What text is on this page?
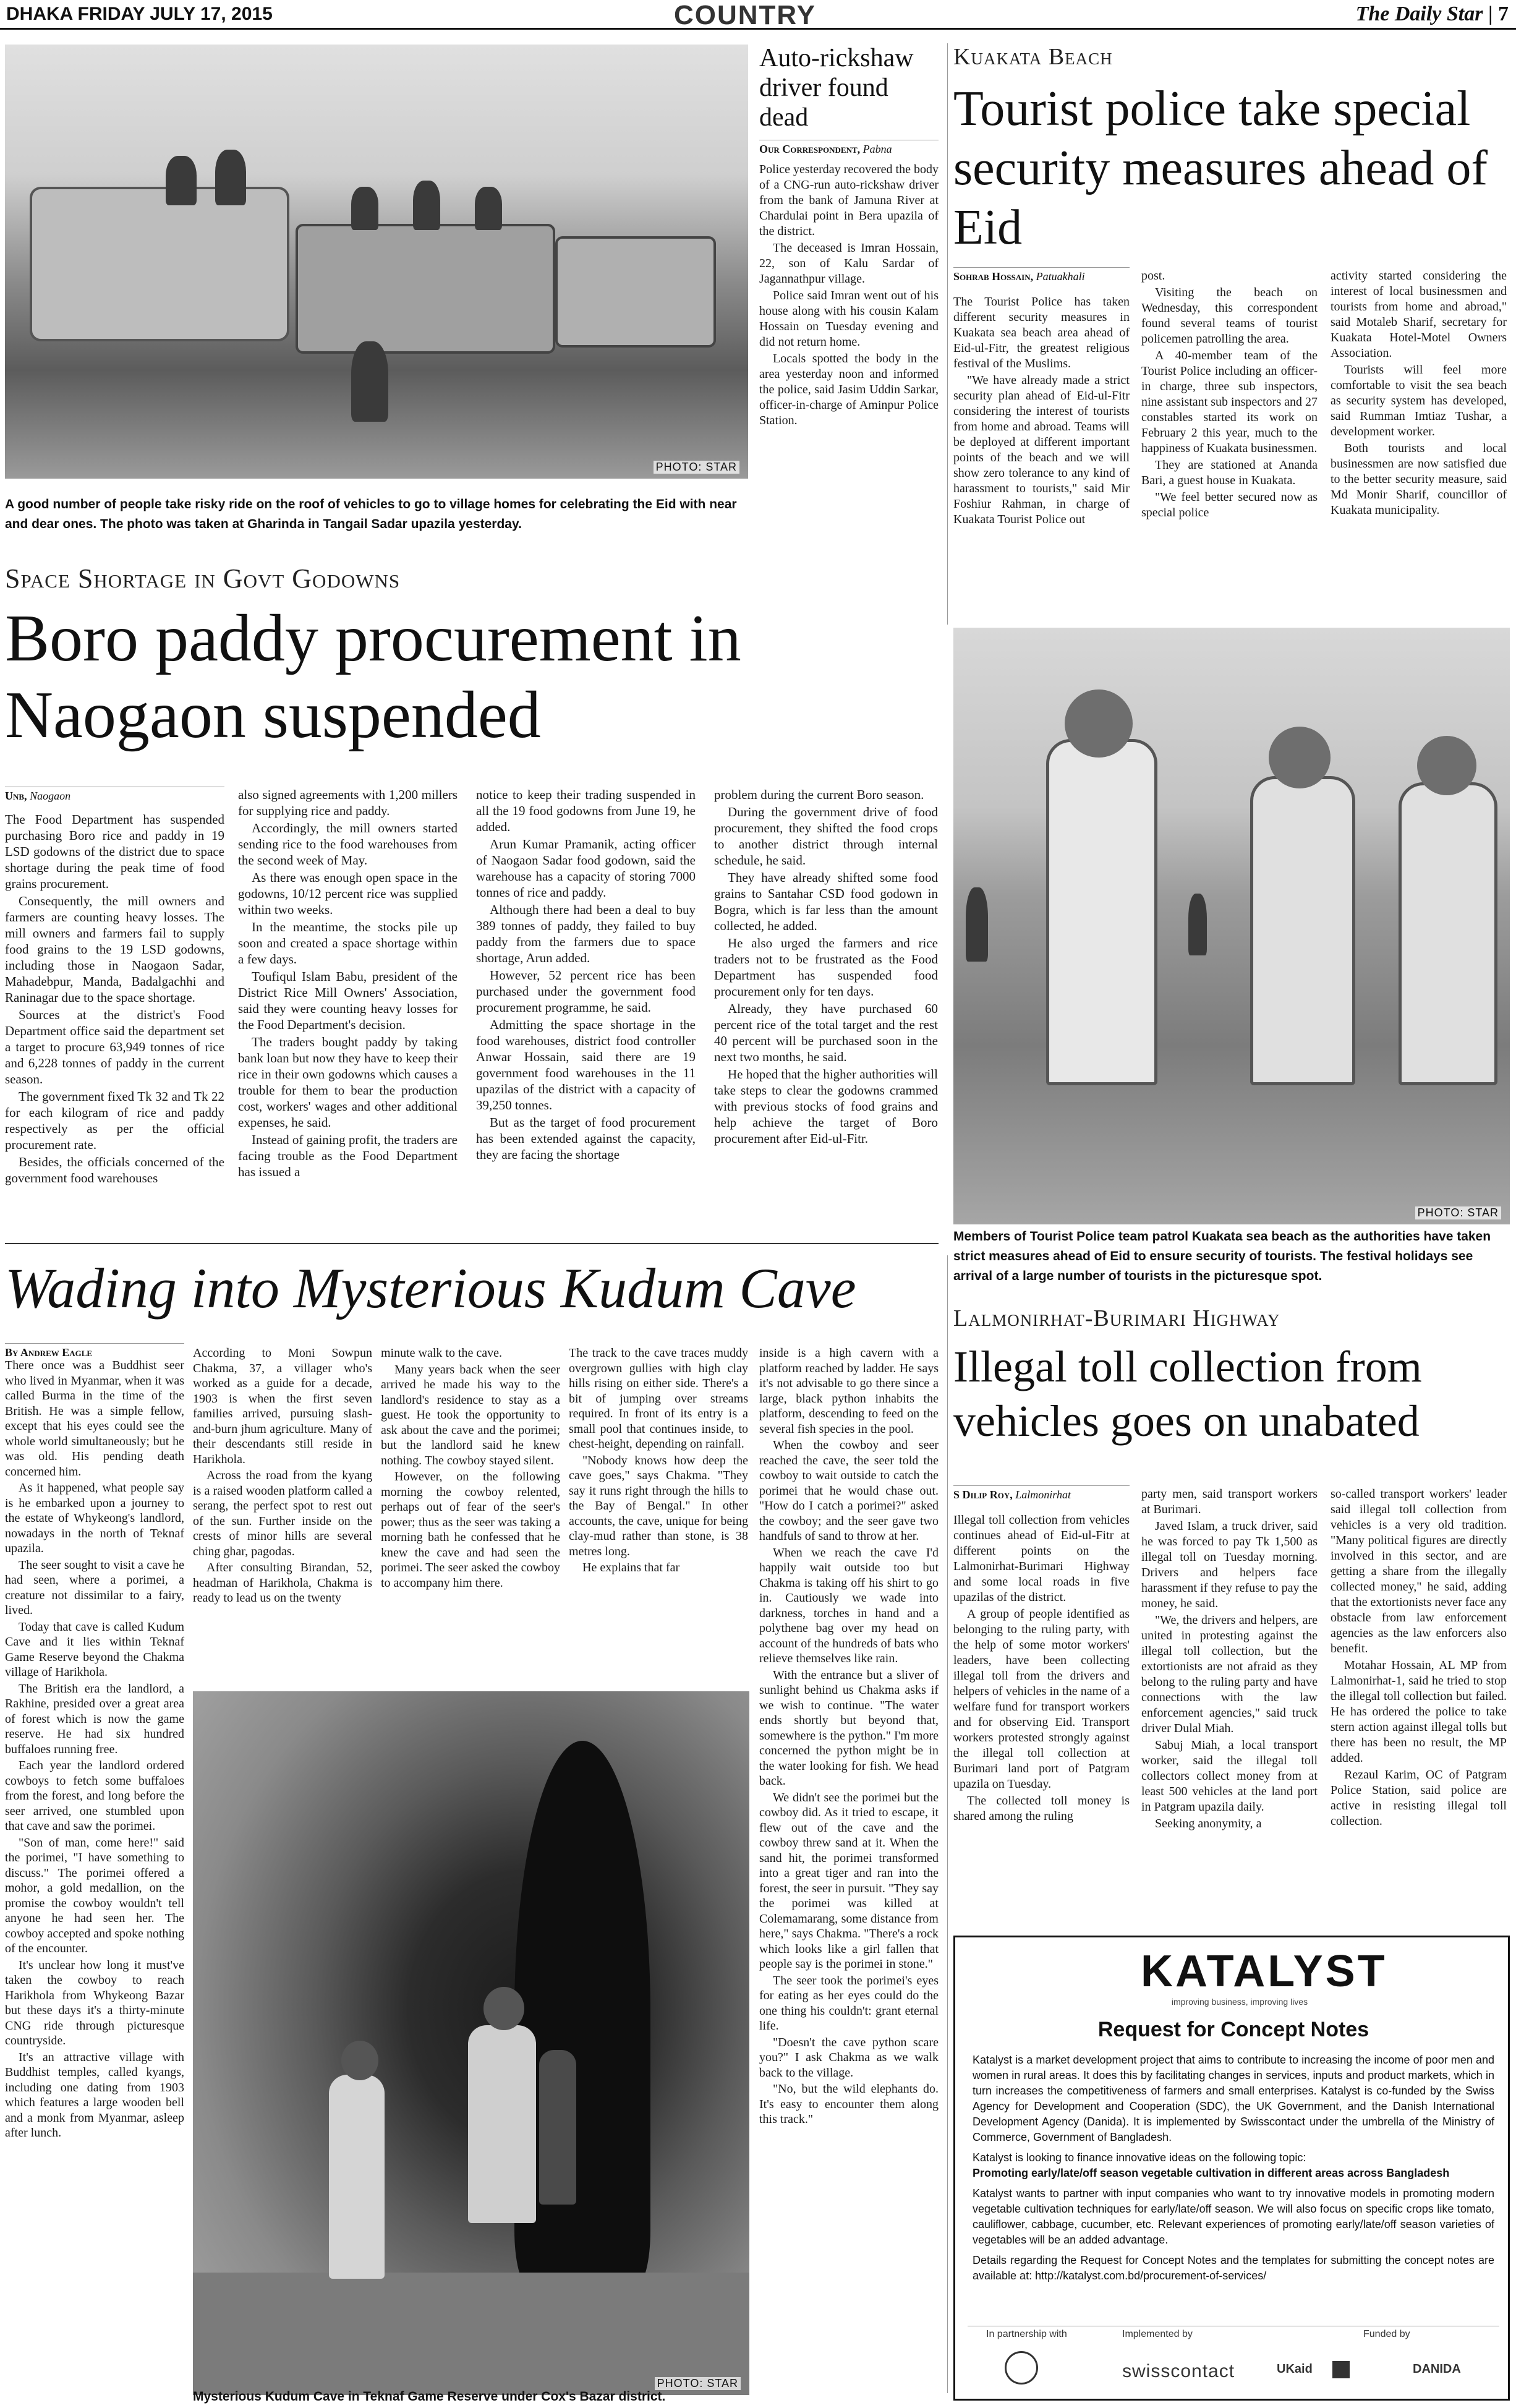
DHAKA FRIDAY JULY 17, 2015	COUNTRY	The Daily Star | 7
PHOTO: STAR
A good number of people take risky ride on the roof of vehicles to go to village homes for celebrating the Eid with near and dear ones. The photo was taken at Gharinda in Tangail Sadar upazila yesterday.
Auto-rickshaw driver found dead
Our Correspondent, Pabna

Police yesterday recovered the body of a CNG-run auto-rickshaw driver from the bank of Jamuna River at Chardulai point in Bera upazila of the district.

The deceased is Imran Hossain, 22, son of Kalu Sardar of Jagannathpur village.

Police said Imran went out of his house along with his cousin Kalam Hossain on Tuesday evening and did not return home.

Locals spotted the body in the area yesterday noon and informed the police, said Jasim Uddin Sarkar, officer-in-charge of Aminpur Police Station.

Kuakata Beach
Tourist police take special security measures ahead of Eid
Sohrab Hossain, Patuakhali

The Tourist Police has taken different security measures in Kuakata sea beach area ahead of Eid-ul-Fitr, the greatest religious festival of the Muslims.

"We have already made a strict security plan ahead of Eid-ul-Fitr considering the interest of tourists from home and abroad. Teams will be deployed at different important points of the beach and we will show zero tolerance to any kind of harassment to tourists," said Mir Foshiur Rahman, in charge of Kuakata Tourist Police out

post.

Visiting the beach on Wednesday, this correspondent found several teams of tourist policemen patrolling the area.

A 40-member team of the Tourist Police including an officer-in charge, three sub inspectors, nine assistant sub inspectors and 27 constables started its work on February 2 this year, much to the happiness of Kuakata businessmen.

They are stationed at Ananda Bari, a guest house in Kuakata.

"We feel better secured now as special police

activity started considering the interest of local businessmen and tourists from home and abroad," said Motaleb Sharif, secretary for Kuakata Hotel-Motel Owners Association.

Tourists will feel more comfortable to visit the sea beach as security system has developed, said Rumman Imtiaz Tushar, a development worker.

Both tourists and local businessmen are now satisfied due to the better security measure, said Md Monir Sharif, councillor of Kuakata municipality.

PHOTO: STAR
Members of Tourist Police team patrol Kuakata sea beach as the authorities have taken strict measures ahead of Eid to ensure security of tourists. The festival holidays see arrival of a large number of tourists in the picturesque spot.
Space Shortage in Govt Godowns
Boro paddy procurement in Naogaon suspended
Unb, Naogaon

The Food Department has suspended purchasing Boro rice and paddy in 19 LSD godowns of the district due to space shortage during the peak time of food grains procurement.

Consequently, the mill owners and farmers are counting heavy losses. The mill owners and farmers fail to supply food grains to the 19 LSD godowns, including those in Naogaon Sadar, Mahadebpur, Manda, Badalgachhi and Raninagar due to the space shortage.

Sources at the district's Food Department office said the department set a target to procure 63,949 tonnes of rice and 6,228 tonnes of paddy in the current season.

The government fixed Tk 32 and Tk 22 for each kilogram of rice and paddy respectively as per the official procurement rate.

Besides, the officials concerned of the government food warehouses

also signed agreements with 1,200 millers for supplying rice and paddy.

Accordingly, the mill owners started sending rice to the food warehouses from the second week of May.

As there was enough open space in the godowns, 10/12 percent rice was supplied within two weeks.

In the meantime, the stocks pile up soon and created a space shortage within a few days.

Toufiqul Islam Babu, president of the District Rice Mill Owners' Association, said they were counting heavy losses for the Food Department's decision.

The traders bought paddy by taking bank loan but now they have to keep their rice in their own godowns which causes a trouble for them to bear the production cost, workers' wages and other additional expenses, he said.

Instead of gaining profit, the traders are facing trouble as the Food Department has issued a

notice to keep their trading suspended in all the 19 food godowns from June 19, he added.

Arun Kumar Pramanik, acting officer of Naogaon Sadar food godown, said the warehouse has a capacity of storing 7000 tonnes of rice and paddy.

Although there had been a deal to buy 389 tonnes of paddy, they failed to buy paddy from the farmers due to space shortage, Arun added.

However, 52 percent rice has been purchased under the government food procurement programme, he said.

Admitting the space shortage in the food warehouses, district food controller Anwar Hossain, said there are 19 government food warehouses in the 11 upazilas of the district with a capacity of 39,250 tonnes.

But as the target of food procurement has been extended against the capacity, they are facing the shortage

problem during the current Boro season.

During the government drive of food procurement, they shifted the food crops to another district through internal schedule, he said.

They have already shifted some food grains to Santahar CSD food godown in Bogra, which is far less than the amount collected, he added.

He also urged the farmers and rice traders not to be frustrated as the Food Department has suspended food procurement only for ten days.

Already, they have purchased 60 percent rice of the total target and the rest 40 percent will be purchased soon in the next two months, he said.

He hoped that the higher authorities will take steps to clear the godowns crammed with previous stocks of food grains and help achieve the target of Boro procurement after Eid-ul-Fitr.

Wading into Mysterious Kudum Cave
By Andrew Eagle

There once was a Buddhist seer who lived in Myanmar, when it was called Burma in the time of the British. He was a simple fellow, except that his eyes could see the whole world simultaneously; but he was old. His pending death concerned him.

As it happened, what people say is he embarked upon a journey to the estate of Whykeong's landlord, nowadays in the north of Teknaf upazila.

The seer sought to visit a cave he had seen, where a porimei, a creature not dissimilar to a fairy, lived.

Today that cave is called Kudum Cave and it lies within Teknaf Game Reserve beyond the Chakma village of Harikhola.

The British era the landlord, a Rakhine, presided over a great area of forest which is now the game reserve. He had six hundred buffaloes running free.

Each year the landlord ordered cowboys to fetch some buffaloes from the forest, and long before the seer arrived, one stumbled upon that cave and saw the porimei.

"Son of man, come here!" said the porimei, "I have something to discuss." The porimei offered a mohor, a gold medallion, on the promise the cowboy wouldn't tell anyone he had seen her. The cowboy accepted and spoke nothing of the encounter.

It's unclear how long it must've taken the cowboy to reach Harikhola from Whykeong Bazar but these days it's a thirty-minute CNG ride through picturesque countryside.

It's an attractive village with Buddhist temples, called kyangs, including one dating from 1903 which features a large wooden bell and a monk from Myanmar, asleep after lunch.

According to Moni Sowpun Chakma, 37, a villager who's worked as a guide for a decade, 1903 is when the first seven families arrived, pursuing slash-and-burn jhum agriculture. Many of their descendants still reside in Harikhola.

Across the road from the kyang is a raised wooden platform called a serang, the perfect spot to rest out of the sun. Further inside on the crests of minor hills are several ching ghar, pagodas.

After consulting Birandan, 52, headman of Harikhola, Chakma is ready to lead us on the twenty

minute walk to the cave.

Many years back when the seer arrived he made his way to the landlord's residence to stay as a guest. He took the opportunity to ask about the cave and the porimei; but the landlord said he knew nothing. The cowboy stayed silent.

However, on the following morning the cowboy relented, perhaps out of fear of the seer's power; thus as the seer was taking a morning bath he confessed that he knew the cave and had seen the porimei. The seer asked the cowboy to accompany him there.

The track to the cave traces muddy overgrown gullies with high clay hills rising on either side. There's a bit of jumping over streams required. In front of its entry is a small pool that continues inside, to chest-height, depending on rainfall.

"Nobody knows how deep the cave goes," says Chakma. "They say it runs right through the hills to the Bay of Bengal." In other accounts, the cave, unique for being clay-mud rather than stone, is 38 metres long.

He explains that far

inside is a high cavern with a platform reached by ladder. He says it's not advisable to go there since a large, black python inhabits the platform, descending to feed on the several fish species in the pool.

When the cowboy and seer reached the cave, the seer told the cowboy to wait outside to catch the porimei that he would chase out. "How do I catch a porimei?" asked the cowboy; and the seer gave two handfuls of sand to throw at her.

When we reach the cave I'd happily wait outside too but Chakma is taking off his shirt to go in. Cautiously we wade into darkness, torches in hand and a polythene bag over my head on account of the hundreds of bats who relieve themselves like rain.

With the entrance but a sliver of sunlight behind us Chakma asks if we wish to continue. "The water ends shortly but beyond that, somewhere is the python." I'm more concerned the python might be in the water looking for fish. We head back.

We didn't see the porimei but the cowboy did. As it tried to escape, it flew out of the cave and the cowboy threw sand at it. When the sand hit, the porimei transformed into a great tiger and ran into the forest, the seer in pursuit. "They say the porimei was killed at Colemamarang, some distance from here," says Chakma. "There's a rock which looks like a girl fallen that people say is the porimei in stone."

The seer took the porimei's eyes for eating as her eyes could do the one thing his couldn't: grant eternal life.

"Doesn't the cave python scare you?" I ask Chakma as we walk back to the village.

"No, but the wild elephants do. It's easy to encounter them along this track."

PHOTO: STAR
Mysterious Kudum Cave in Teknaf Game Reserve under Cox's Bazar district.
Lalmonirhat-Burimari Highway
Illegal toll collection from vehicles goes on unabated
S Dilip Roy, Lalmonirhat

Illegal toll collection from vehicles continues ahead of Eid-ul-Fitr at different points on the Lalmonirhat-Burimari Highway and some local roads in five upazilas of the district.

A group of people identified as belonging to the ruling party, with the help of some motor workers' leaders, have been collecting illegal toll from the drivers and helpers of vehicles in the name of a welfare fund for transport workers and for observing Eid. Transport workers protested strongly against the illegal toll collection at Burimari land port of Patgram upazila on Tuesday.

The collected toll money is shared among the ruling

party men, said transport workers at Burimari.

Javed Islam, a truck driver, said he was forced to pay Tk 1,500 as illegal toll on Tuesday morning. Drivers and helpers face harassment if they refuse to pay the money, he said.

"We, the drivers and helpers, are united in protesting against the illegal toll collection, but the extortionists are not afraid as they belong to the ruling party and have connections with the law enforcement agencies," said truck driver Dulal Miah.

Sabuj Miah, a local transport worker, said the illegal toll collectors collect money from at least 500 vehicles at the land port in Patgram upazila daily.

Seeking anonymity, a

so-called transport workers' leader said illegal toll collection from vehicles is a very old tradition. "Many political figures are directly involved in this sector, and are getting a share from the illegally collected money," he said, adding that the extortionists never face any obstacle from law enforcement agencies as the law enforcers also benefit.

Motahar Hossain, AL MP from Lalmonirhat-1, said he tried to stop the illegal toll collection but failed. He has ordered the police to take stern action against illegal tolls but there has been no result, the MP added.

Rezaul Karim, OC of Patgram Police Station, said police are active in resisting illegal toll collection.

KATALYST
improving business, improving lives
Request for Concept Notes

Katalyst is a market development project that aims to contribute to increasing the income of poor men and women in rural areas. It does this by facilitating changes in services, inputs and product markets, which in turn increases the competitiveness of farmers and small enterprises. Katalyst is co-funded by the Swiss Agency for Development and Cooperation (SDC), the UK Government, and the Danish International Development Agency (Danida). It is implemented by Swisscontact under the umbrella of the Ministry of Commerce, Government of Bangladesh.

Katalyst is looking to finance innovative ideas on the following topic:

Promoting early/late/off season vegetable cultivation in different areas across Bangladesh

Katalyst wants to partner with input companies who want to try innovative models in promoting modern vegetable cultivation techniques for early/late/off season. We will also focus on specific crops like tomato, cauliflower, cabbage, cucumber, etc. Relevant experiences of promoting early/late/off season varieties of vegetables will be an added advantage.

Details regarding the Request for Concept Notes and the templates for submitting the concept notes are available at: http://katalyst.com.bd/procurement-of-services/

In partnership with	Implemented by	Funded by
swisscontact	UKaid	DANIDA
